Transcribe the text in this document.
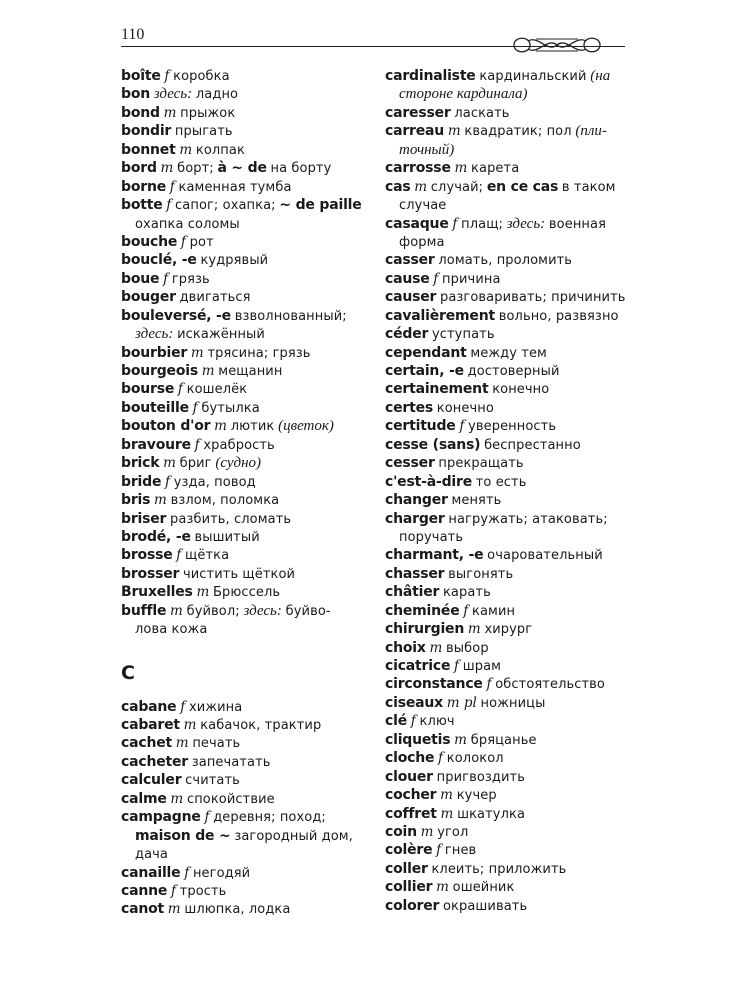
110
boîte f коробка
bon здесь: ладно
bond m прыжок
bondir прыгать
bonnet m колпак
bord m борт; à ~ de на борту
borne f каменная тумба
botte f сапог; охапка; ~ de paille
охапка соломы
bouche f рот
bouclé, -e кудрявый
boue f грязь
bouger двигаться
bouleversé, -e взволнованный;
здесь: искажённый
bourbier m трясина; грязь
bourgeois m мещанин
bourse f кошелёк
bouteille f бутылка
bouton d'or m лютик (цветок)
bravoure f храбрость
brick m бриг (судно)
bride f узда, повод
bris m взлом, поломка
briser разбить, сломать
brodé, -e вышитый
brosse f щётка
brosser чистить щёткой
Bruxelles m Брюссель
buffle m буйвол; здесь: буйво-
лова кожа
C
cabane f хижина
cabaret m кабачок, трактир
cachet m печать
cacheter запечатать
calculer считать
calme m спокойствие
campagne f деревня; поход;
maison de ~ загородный дом,
дача
canaille f негодяй
canne f трость
canot m шлюпка, лодка
cardinaliste кардинальский (на
стороне кардинала)
caresser ласкать
carreau m квадратик; пол (пли-
точный)
carrosse m карета
cas m случай; en ce cas в таком
случае
casaque f плащ; здесь: военная
форма
casser ломать, проломить
cause f причина
causer разговаривать; причинить
cavalièrement вольно, развязно
céder уступать
cependant между тем
certain, -e достоверный
certainement конечно
certes конечно
certitude f уверенность
cesse (sans) беспрестанно
cesser прекращать
c'est-à-dire то есть
changer менять
charger нагружать; атаковать;
поручать
charmant, -e очаровательный
chasser выгонять
châtier карать
cheminée f камин
chirurgien m хирург
choix m выбор
cicatrice f шрам
circonstance f обстоятельство
ciseaux m pl ножницы
clé f ключ
cliquetis m бряцанье
cloche f колокол
clouer пригвоздить
cocher m кучер
coffret m шкатулка
coin m угол
colère f гнев
coller клеить; приложить
collier m ошейник
colorer окрашивать
